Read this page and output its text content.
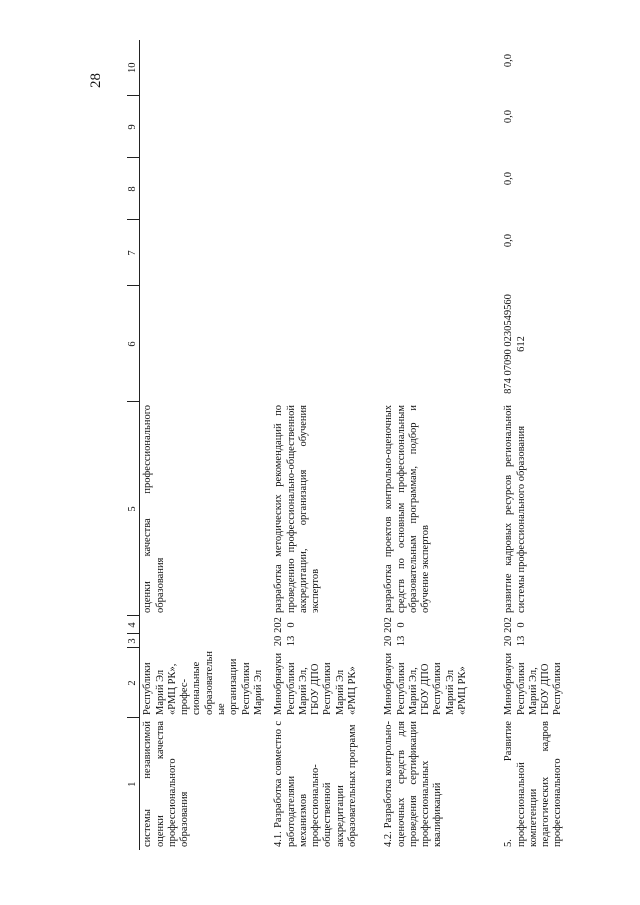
28
1	2	3	4	5	6	7	8	9	10
системы независимой оценки качества профессионального образования	Республики Марий Эл «РМЦ РК», профес-сиональные образовательные организации Республики Марий Эл			оценки качества профессионального образования					
4.1. Разработка совместно с работодателями механизмов профессионально-общественной аккредитации образовательных программ	Минобрнауки Республики Марий Эл, ГБОУ ДПО Республики Марий Эл «РМЦ РК»	2013	2020	разработка методических рекомендаций по проведению профессионально-общественной аккредитации, организация обучения экспертов					
4.2. Разработка контрольно-оценочных средств для проведения сертификации профессиональных квалификаций	Минобрнауки Республики Марий Эл, ГБОУ ДПО Республики Марий Эл «РМЦ РК»	2013	2020	разработка проектов контрольно-оценочных средств по основным профессиональным образовательным программам, подбор и обучение экспертов					
5. Развитие профессиональной компетенции педагогических кадров профессионального	Минобрнауки Республики Марий Эл, ГБОУ ДПО Республики	2013	2020	развитие кадровых ресурсов региональной системы профессионального образования	874 07090 0230549560 612	0,0	0,0	0,0	0,0
